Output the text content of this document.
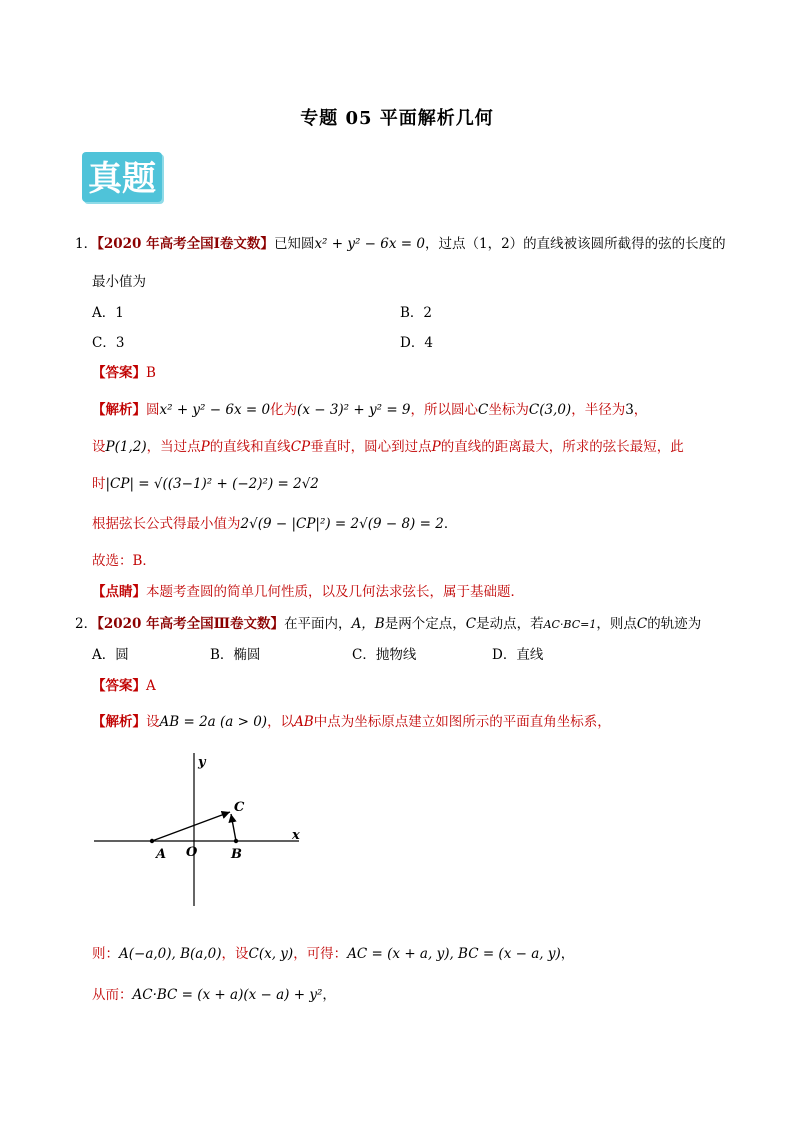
专题 05 平面解析几何
真题
1．【2020 年高考全国Ⅰ卷文数】已知圆x² + y² − 6x = 0，过点（1，2）的直线被该圆所截得的弦的长度的
最小值为
A．1	B．2
C．3	D．4
【答案】B
【解析】圆x² + y² − 6x = 0化为(x − 3)² + y² = 9，所以圆心C坐标为C(3,0)，半径为3，
设P(1,2)，当过点P的直线和直线CP垂直时，圆心到过点P的直线的距离最大，所求的弦长最短，此
时|CP| = √((3−1)² + (−2)²) = 2√2
根据弦长公式得最小值为2√(9 − |CP|²) = 2√(9 − 8) = 2．
故选：B．
【点睛】本题考查圆的简单几何性质，以及几何法求弦长，属于基础题．
2．【2020 年高考全国Ⅲ卷文数】在平面内，A，B是两个定点，C是动点，若AC·BC=1，则点C的轨迹为
A．圆	B．椭圆	C．抛物线	D．直线
【答案】A
【解析】设AB = 2a (a > 0)，以AB中点为坐标原点建立如图所示的平面直角坐标系，
y
x
A O	B
C
则：A(−a,0), B(a,0)，设C(x, y)，可得：AC = (x + a, y), BC = (x − a, y)，
从而：AC·BC = (x + a)(x − a) + y²，
